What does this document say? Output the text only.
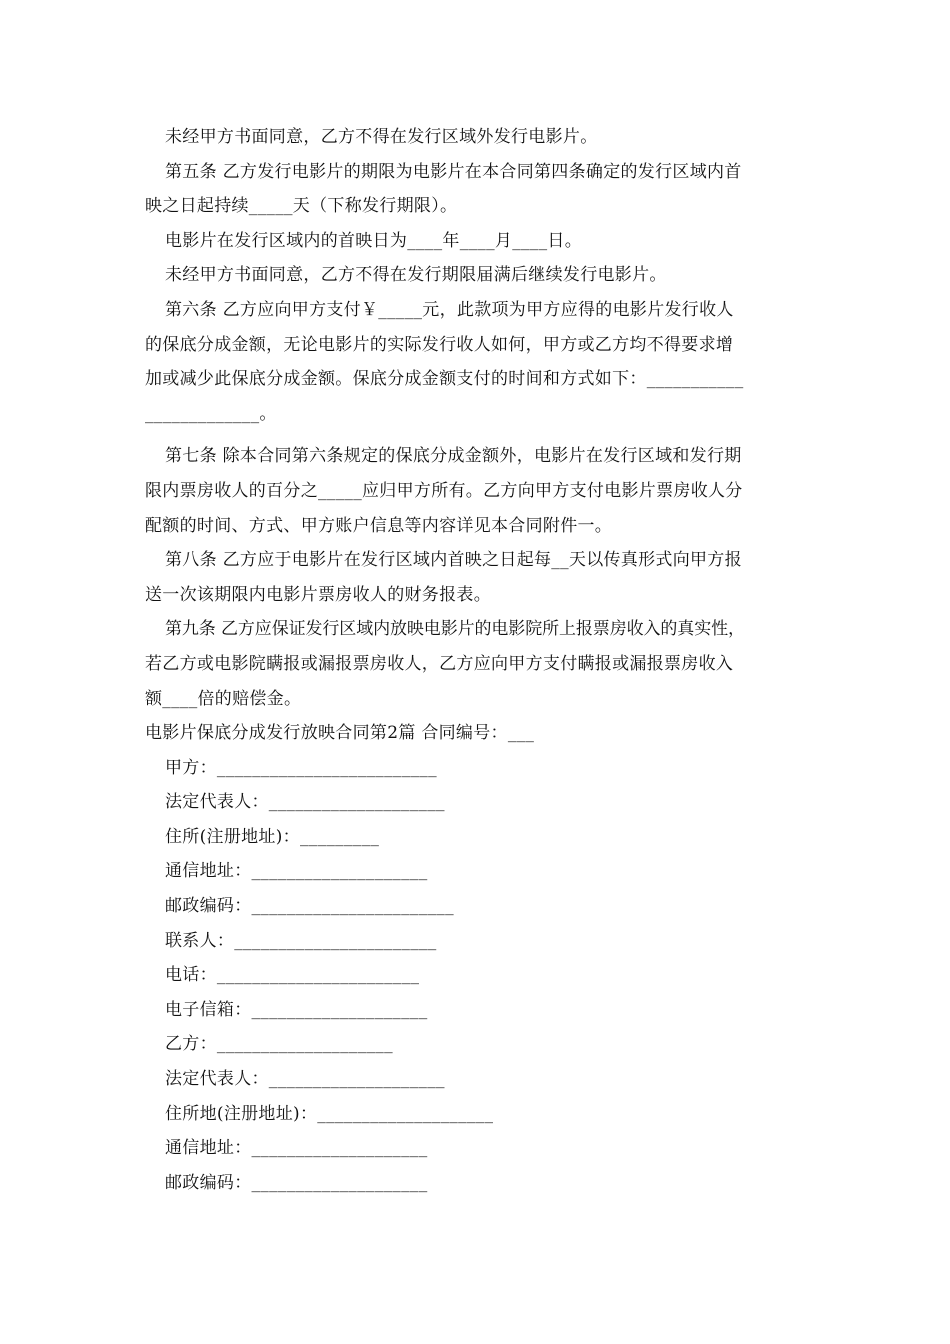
未经甲方书面同意，乙方不得在发行区域外发行电影片。
第五条 乙方发行电影片的期限为电影片在本合同第四条确定的发行区域内首
映之日起持续_____天（下称发行期限）。
电影片在发行区域内的首映日为____年____月____日。
未经甲方书面同意，乙方不得在发行期限届满后继续发行电影片。
第六条 乙方应向甲方支付￥_____元，此款项为甲方应得的电影片发行收人
的保底分成金额，无论电影片的实际发行收人如何，甲方或乙方均不得要求增
加或减少此保底分成金额。保底分成金额支付的时间和方式如下：___________
_____________。
第七条 除本合同第六条规定的保底分成金额外，电影片在发行区域和发行期
限内票房收人的百分之_____应归甲方所有。乙方向甲方支付电影片票房收人分
配额的时间、方式、甲方账户信息等内容详见本合同附件一。
第八条 乙方应于电影片在发行区域内首映之日起每__天以传真形式向甲方报
送一次该期限内电影片票房收人的财务报表。
第九条 乙方应保证发行区域内放映电影片的电影院所上报票房收入的真实性，
若乙方或电影院瞒报或漏报票房收人，乙方应向甲方支付瞒报或漏报票房收入
额____倍的赔偿金。
电影片保底分成发行放映合同第2篇 合同编号：___
甲方：_________________________
法定代表人：____________________
住所(注册地址)：_________
通信地址：____________________
邮政编码：_______________________
联系人：_______________________
电话：_______________________
电子信箱：____________________
乙方：____________________
法定代表人：____________________
住所地(注册地址)：____________________
通信地址：____________________
邮政编码：____________________
